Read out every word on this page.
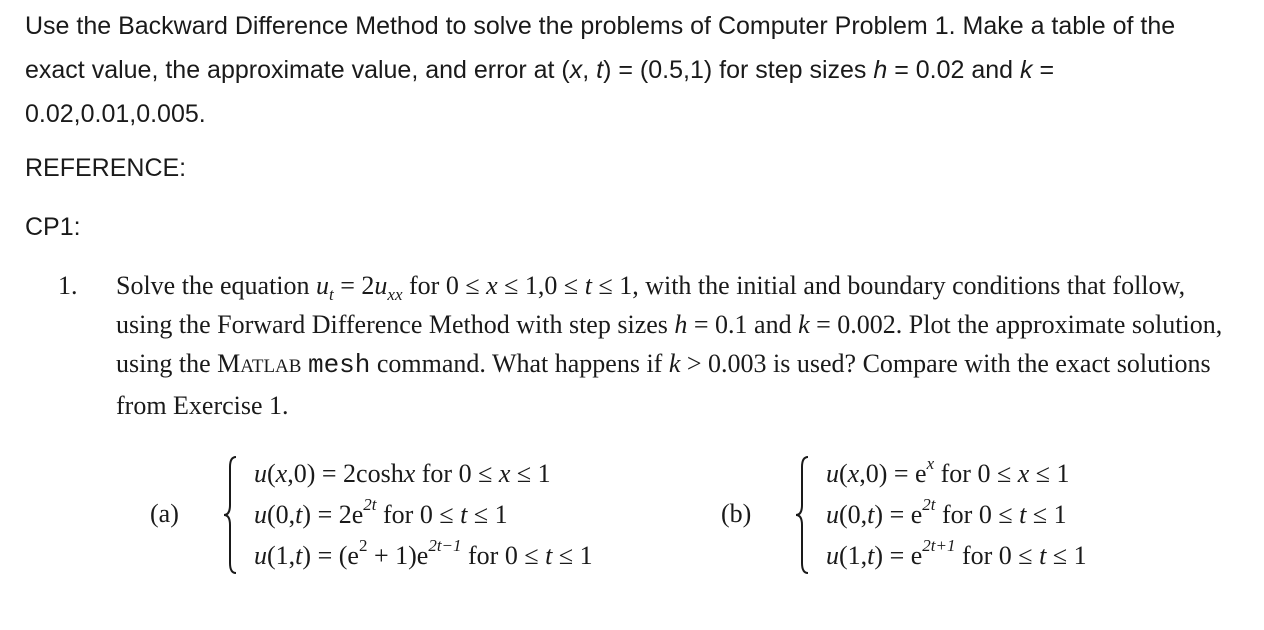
Use the Backward Difference Method to solve the problems of Computer Problem 1. Make a table of the exact value, the approximate value, and error at (x, t) = (0.5,1) for step sizes h = 0.02 and k = 0.02,0.01,0.005.

REFERENCE:

CP1:

1. Solve the equation $u_t = 2u_{xx}$ for 0 ≤ x ≤ 1,0 ≤ t ≤ 1, with the initial and boundary conditions that follow, using the Forward Difference Method with step sizes h = 0.1 and k = 0.002. Plot the approximate solution, using the MATLAB mesh command. What happens if k > 0.003 is used? Compare with the exact solutions from Exercise 1.
(a)
u(x,0) = 2coshx for 0 ≤ x ≤ 1
$u(0,t) = 2e^{2t}$ for 0 ≤ t ≤ 1
$u(1,t) = (e^2 + 1)e^{2t-1}$ for 0 ≤ t ≤ 1
(b)
$u(x,0) = e^x$ for 0 ≤ x ≤ 1
$u(0,t) = e^{2t}$ for 0 ≤ t ≤ 1
$u(1,t) = e^{2t+1}$ for 0 ≤ t ≤ 1
